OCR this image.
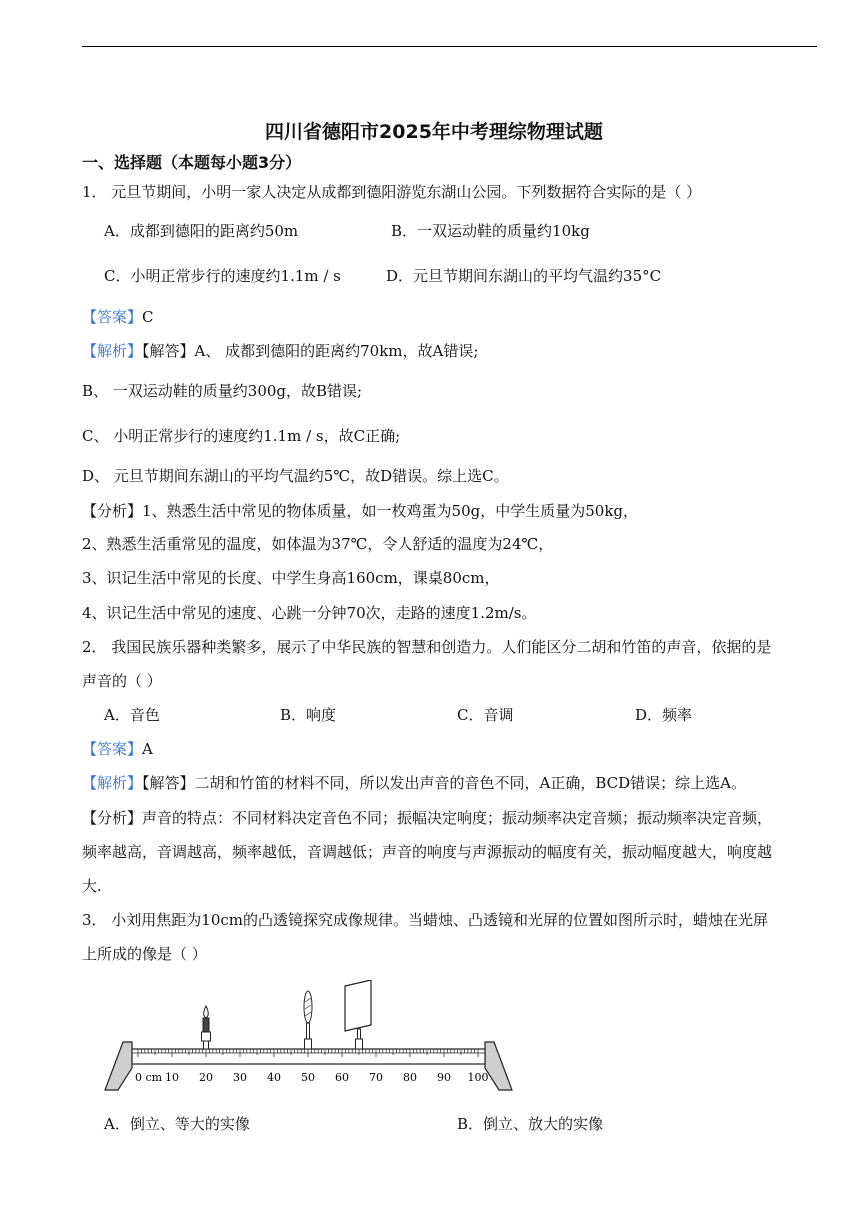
四川省德阳市2025年中考理综物理试题
一、选择题（本题每小题3分）
1． 元旦节期间，小明一家人决定从成都到德阳游览东湖山公园。下列数据符合实际的是（ ）
A．成都到德阳的距离约50m	B．一双运动鞋的质量约10kg
C．小明正常步行的速度约1.1m / s	D．元旦节期间东湖山的平均气温约35°C
【答案】C
【解析】【解答】A、 成都到德阳的距离约70km，故A错误;
B、 一双运动鞋的质量约300g，故B错误;
C、 小明正常步行的速度约1.1m / s，故C正确;
D、 元旦节期间东湖山的平均气温约5℃，故D错误。综上选C。
【分析】1、熟悉生活中常见的物体质量，如一枚鸡蛋为50g，中学生质量为50kg，
2、熟悉生活重常见的温度，如体温为37℃，令人舒适的温度为24℃，
3、识记生活中常见的长度、中学生身高160cm，课桌80cm，
4、识记生活中常见的速度、心跳一分钟70次，走路的速度1.2m/s。
2． 我国民族乐器种类繁多，展示了中华民族的智慧和创造力。人们能区分二胡和竹笛的声音，依据的是
声音的（ ）
A．音色	B．响度	C．音调	D．频率
【答案】A
【解析】【解答】二胡和竹笛的材料不同，所以发出声音的音色不同，A正确，BCD错误；综上选A。
【分析】声音的特点：不同材料决定音色不同；振幅决定响度；振动频率决定音频；振动频率决定音频，
频率越高，音调越高，频率越低，音调越低；声音的响度与声源振动的幅度有关，振动幅度越大，响度越
大.
3． 小刘用焦距为10cm的凸透镜探究成像规律。当蜡烛、凸透镜和光屏的位置如图所示时，蜡烛在光屏
上所成的像是（ ）
0 cm 10 20 30 40 50 60 70 80 90 100
A．倒立、等大的实像	B．倒立、放大的实像
